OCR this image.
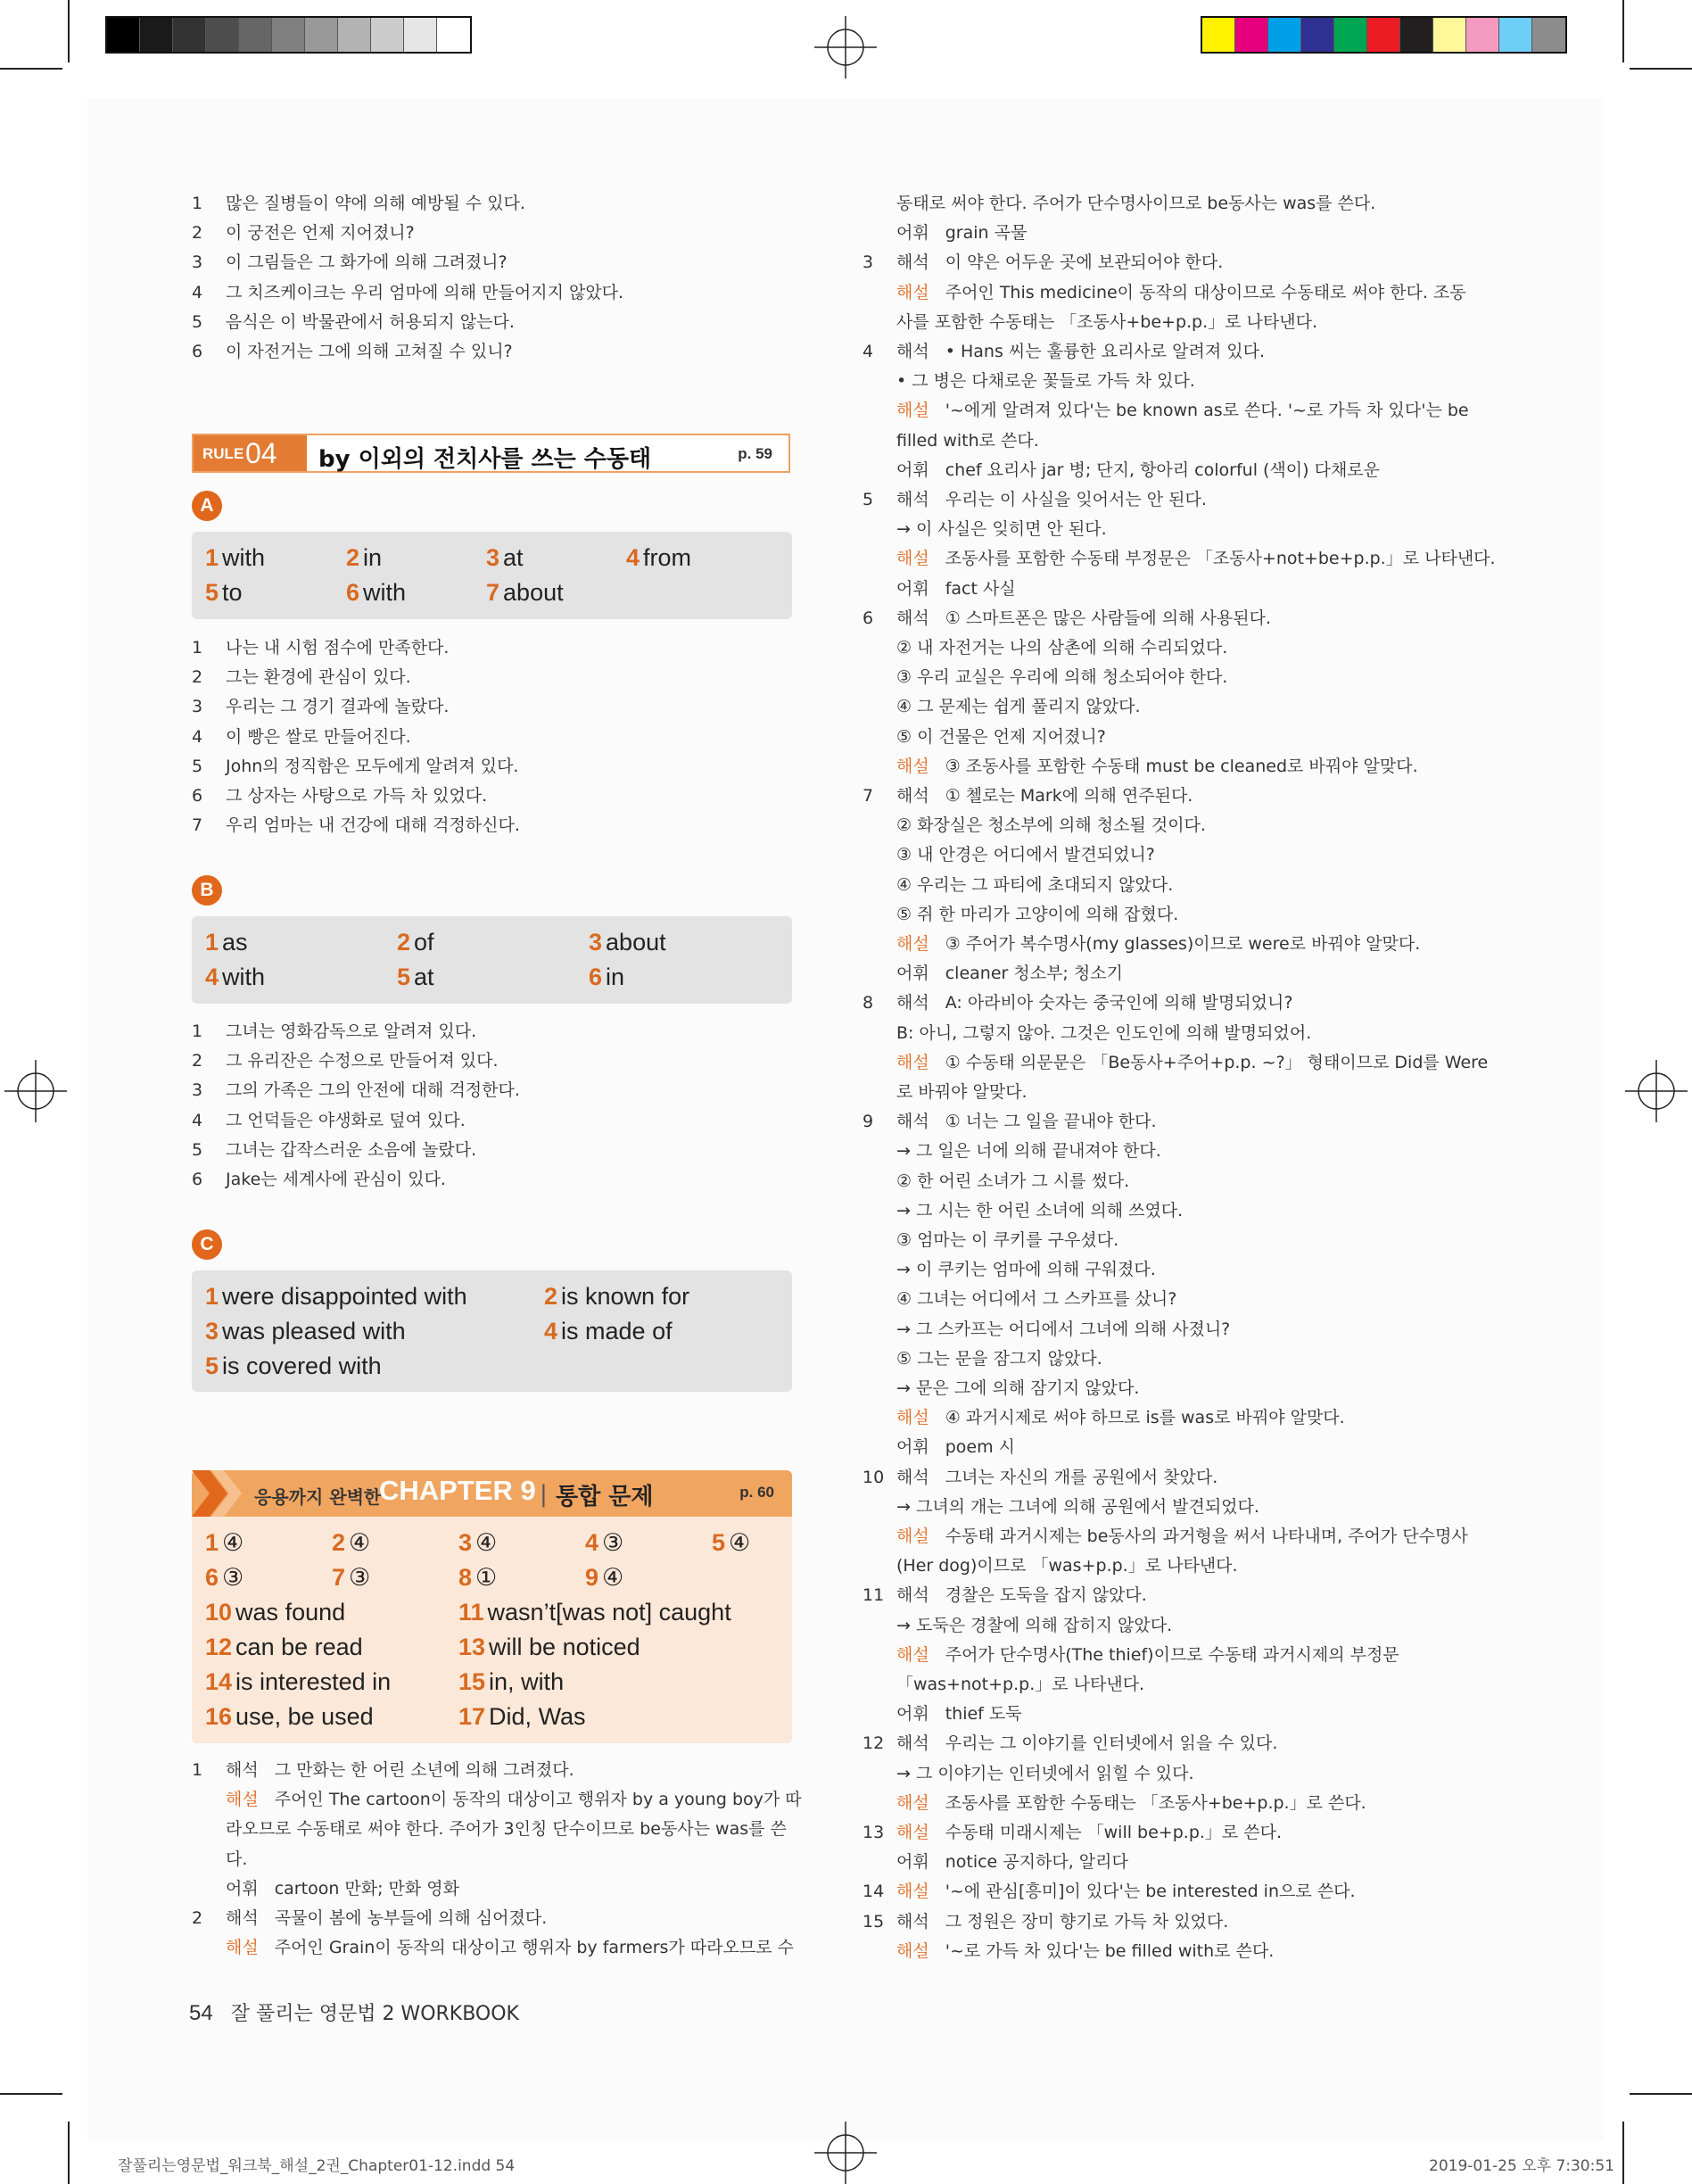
1 많은 질병들이 약에 의해 예방될 수 있다.
2 이 궁전은 언제 지어졌니?
3 이 그림들은 그 화가에 의해 그려졌니?
4 그 치즈케이크는 우리 엄마에 의해 만들어지지 않았다.
5 음식은 이 박물관에서 허용되지 않는다.
6 이 자전거는 그에 의해 고쳐질 수 있니?
RULE 04 by 이외의 전치사를 쓰는 수동태	p. 59
A
1 with	2 in	3 at	4 from
5 to	6 with	7 about
1 나는 내 시험 점수에 만족한다.
2 그는 환경에 관심이 있다.
3 우리는 그 경기 결과에 놀랐다.
4 이 빵은 쌀로 만들어진다.
5 John의 정직함은 모두에게 알려져 있다.
6 그 상자는 사탕으로 가득 차 있었다.
7 우리 엄마는 내 건강에 대해 걱정하신다.
B
1 as	2 of	3 about
4 with	5 at	6 in
1 그녀는 영화감독으로 알려져 있다.
2 그 유리잔은 수정으로 만들어져 있다.
3 그의 가족은 그의 안전에 대해 걱정한다.
4 그 언덕들은 야생화로 덮여 있다.
5 그녀는 갑작스러운 소음에 놀랐다.
6 Jake는 세계사에 관심이 있다.
C
1 were disappointed with	2 is known for
3 was pleased with	4 is made of
5 is covered with
응용까지 완벽한
CHAPTER 9 | 통합 문제	p. 60
1 ④	2 ④	3 ④	4 ③	5 ④
6 ③	7 ③	8 ①	9 ④
10 was found	11 wasn’t[was not] caught
12 can be read	13 will be noticed
14 is interested in	15 in, with
16 use, be used	17 Did, Was
1 해석 그 만화는 한 어린 소년에 의해 그려졌다.
해설 주어인 The cartoon이 동작의 대상이고 행위자 by a young boy가 따
라오므로 수동태로 써야 한다. 주어가 3인칭 단수이므로 be동사는 was를 쓴
다.
어휘 cartoon 만화; 만화 영화
2 해석 곡물이 봄에 농부들에 의해 심어졌다.
해설 주어인 Grain이 동작의 대상이고 행위자 by farmers가 따라오므로 수
동태로 써야 한다. 주어가 단수명사이므로 be동사는 was를 쓴다.
어휘 grain 곡물
3 해석 이 약은 어두운 곳에 보관되어야 한다.
해설 주어인 This medicine이 동작의 대상이므로 수동태로 써야 한다. 조동
사를 포함한 수동태는 「조동사+be+p.p.」로 나타낸다.
4 해석 • Hans 씨는 훌륭한 요리사로 알려져 있다.
• 그 병은 다채로운 꽃들로 가득 차 있다.
해설 '~에게 알려져 있다'는 be known as로 쓴다. '~로 가득 차 있다'는 be
filled with로 쓴다.
어휘 chef 요리사 jar 병; 단지, 항아리 colorful (색이) 다채로운
5 해석 우리는 이 사실을 잊어서는 안 된다.
→ 이 사실은 잊히면 안 된다.
해설 조동사를 포함한 수동태 부정문은 「조동사+not+be+p.p.」로 나타낸다.
어휘 fact 사실
6 해석 ① 스마트폰은 많은 사람들에 의해 사용된다.
② 내 자전거는 나의 삼촌에 의해 수리되었다.
③ 우리 교실은 우리에 의해 청소되어야 한다.
④ 그 문제는 쉽게 풀리지 않았다.
⑤ 이 건물은 언제 지어졌니?
해설 ③ 조동사를 포함한 수동태 must be cleaned로 바꿔야 알맞다.
7 해석 ① 첼로는 Mark에 의해 연주된다.
② 화장실은 청소부에 의해 청소될 것이다.
③ 내 안경은 어디에서 발견되었니?
④ 우리는 그 파티에 초대되지 않았다.
⑤ 쥐 한 마리가 고양이에 의해 잡혔다.
해설 ③ 주어가 복수명사(my glasses)이므로 were로 바꿔야 알맞다.
어휘 cleaner 청소부; 청소기
8 해석 A: 아라비아 숫자는 중국인에 의해 발명되었니?
B: 아니, 그렇지 않아. 그것은 인도인에 의해 발명되었어.
해설 ① 수동태 의문문은 「Be동사+주어+p.p. ~?」 형태이므로 Did를 Were
로 바꿔야 알맞다.
9 해석 ① 너는 그 일을 끝내야 한다.
→ 그 일은 너에 의해 끝내져야 한다.
② 한 어린 소녀가 그 시를 썼다.
→ 그 시는 한 어린 소녀에 의해 쓰였다.
③ 엄마는 이 쿠키를 구우셨다.
→ 이 쿠키는 엄마에 의해 구워졌다.
④ 그녀는 어디에서 그 스카프를 샀니?
→ 그 스카프는 어디에서 그녀에 의해 사졌니?
⑤ 그는 문을 잠그지 않았다.
→ 문은 그에 의해 잠기지 않았다.
해설 ④ 과거시제로 써야 하므로 is를 was로 바꿔야 알맞다.
어휘 poem 시
10 해석 그녀는 자신의 개를 공원에서 찾았다.
→ 그녀의 개는 그녀에 의해 공원에서 발견되었다.
해설 수동태 과거시제는 be동사의 과거형을 써서 나타내며, 주어가 단수명사
(Her dog)이므로 「was+p.p.」로 나타낸다.
11 해석 경찰은 도둑을 잡지 않았다.
→ 도둑은 경찰에 의해 잡히지 않았다.
해설 주어가 단수명사(The thief)이므로 수동태 과거시제의 부정문
「was+not+p.p.」로 나타낸다.
어휘 thief 도둑
12 해석 우리는 그 이야기를 인터넷에서 읽을 수 있다.
→ 그 이야기는 인터넷에서 읽힐 수 있다.
해설 조동사를 포함한 수동태는 「조동사+be+p.p.」로 쓴다.
13 해설 수동태 미래시제는 「will be+p.p.」로 쓴다.
어휘 notice 공지하다, 알리다
14 해설 '~에 관심[흥미]이 있다'는 be interested in으로 쓴다.
15 해석 그 정원은 장미 향기로 가득 차 있었다.
해설 '~로 가득 차 있다'는 be filled with로 쓴다.
54 잘 풀리는 영문법 2 WORKBOOK
잘풀리는영문법_워크북_해설_2권_Chapter01-12.indd 54	2019-01-25 오후 7:30:51
